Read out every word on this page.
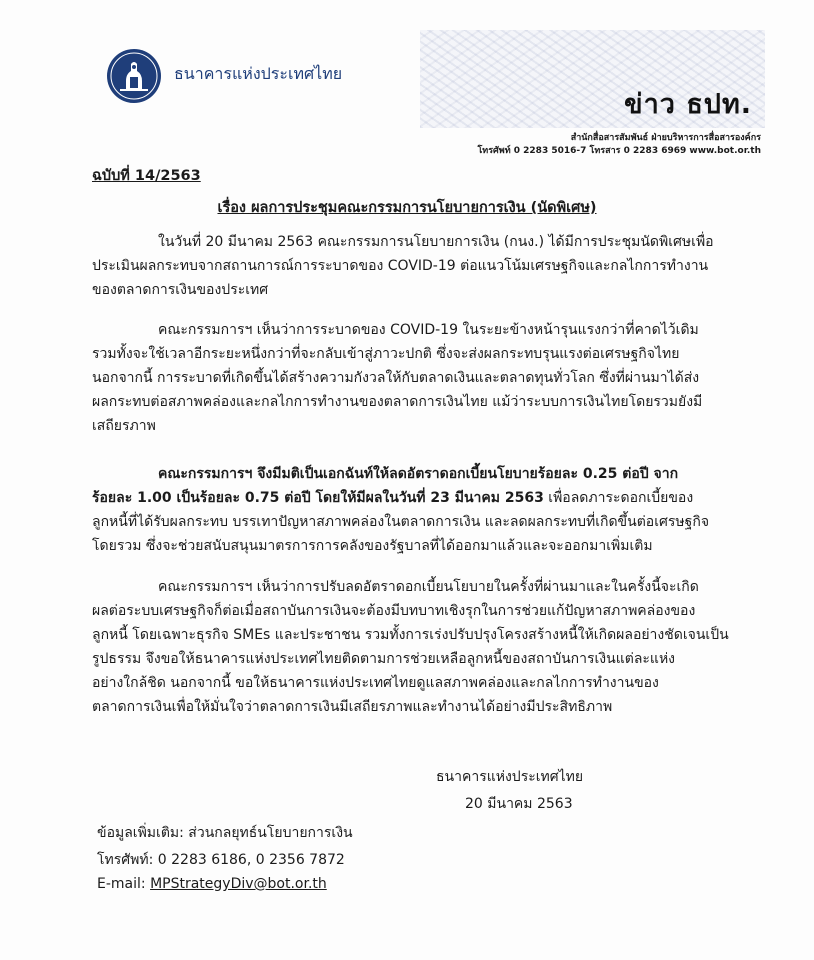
ธนาคารแห่งประเทศไทย
ข่าว ธปท.
สำนักสื่อสารสัมพันธ์ ฝ่ายบริหารการสื่อสารองค์กร
โทรศัพท์ 0 2283 5016-7 โทรสาร 0 2283 6969 www.bot.or.th
ฉบับที่ 14/2563
เรื่อง ผลการประชุมคณะกรรมการนโยบายการเงิน (นัดพิเศษ)
ในวันที่ 20 มีนาคม 2563 คณะกรรมการนโยบายการเงิน (กนง.) ได้มีการประชุมนัดพิเศษเพื่อ
ประเมินผลกระทบจากสถานการณ์การระบาดของ COVID-19 ต่อแนวโน้มเศรษฐกิจและกลไกการทำงาน
ของตลาดการเงินของประเทศ
คณะกรรมการฯ เห็นว่าการระบาดของ COVID-19 ในระยะข้างหน้ารุนแรงกว่าที่คาดไว้เดิม
รวมทั้งจะใช้เวลาอีกระยะหนึ่งกว่าที่จะกลับเข้าสู่ภาวะปกติ ซึ่งจะส่งผลกระทบรุนแรงต่อเศรษฐกิจไทย
นอกจากนี้ การระบาดที่เกิดขึ้นได้สร้างความกังวลให้กับตลาดเงินและตลาดทุนทั่วโลก ซึ่งที่ผ่านมาได้ส่ง
ผลกระทบต่อสภาพคล่องและกลไกการทำงานของตลาดการเงินไทย แม้ว่าระบบการเงินไทยโดยรวมยังมี
เสถียรภาพ
คณะกรรมการฯ จึงมีมติเป็นเอกฉันท์ให้ลดอัตราดอกเบี้ยนโยบายร้อยละ 0.25 ต่อปี จาก
ร้อยละ 1.00 เป็นร้อยละ 0.75 ต่อปี โดยให้มีผลในวันที่ 23 มีนาคม 2563 เพื่อลดภาระดอกเบี้ยของ
ลูกหนี้ที่ได้รับผลกระทบ บรรเทาปัญหาสภาพคล่องในตลาดการเงิน และลดผลกระทบที่เกิดขึ้นต่อเศรษฐกิจ
โดยรวม ซึ่งจะช่วยสนับสนุนมาตรการการคลังของรัฐบาลที่ได้ออกมาแล้วและจะออกมาเพิ่มเติม
คณะกรรมการฯ เห็นว่าการปรับลดอัตราดอกเบี้ยนโยบายในครั้งที่ผ่านมาและในครั้งนี้จะเกิด
ผลต่อระบบเศรษฐกิจก็ต่อเมื่อสถาบันการเงินจะต้องมีบทบาทเชิงรุกในการช่วยแก้ปัญหาสภาพคล่องของ
ลูกหนี้ โดยเฉพาะธุรกิจ SMEs และประชาชน รวมทั้งการเร่งปรับปรุงโครงสร้างหนี้ให้เกิดผลอย่างชัดเจนเป็น
รูปธรรม จึงขอให้ธนาคารแห่งประเทศไทยติดตามการช่วยเหลือลูกหนี้ของสถาบันการเงินแต่ละแห่ง
อย่างใกล้ชิด นอกจากนี้ ขอให้ธนาคารแห่งประเทศไทยดูแลสภาพคล่องและกลไกการทำงานของ
ตลาดการเงินเพื่อให้มั่นใจว่าตลาดการเงินมีเสถียรภาพและทำงานได้อย่างมีประสิทธิภาพ
ธนาคารแห่งประเทศไทย
20 มีนาคม 2563
ข้อมูลเพิ่มเติม: ส่วนกลยุทธ์นโยบายการเงิน
โทรศัพท์: 0 2283 6186, 0 2356 7872
E-mail: MPStrategyDiv@bot.or.th
